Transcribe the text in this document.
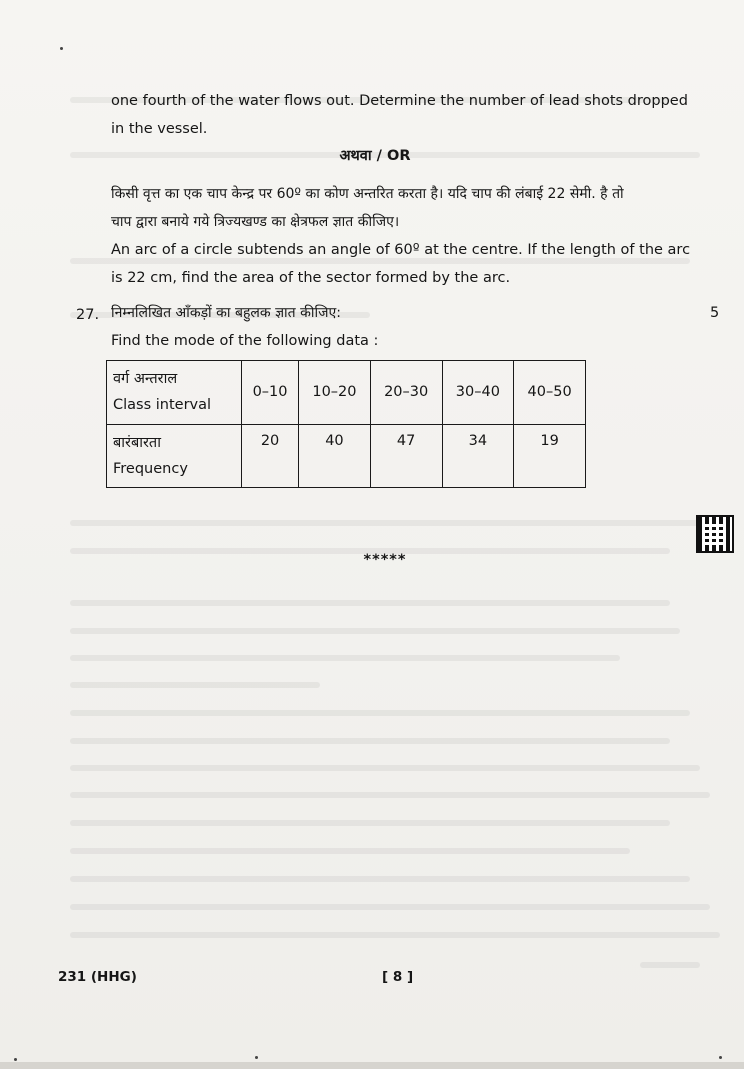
one fourth of the water flows out. Determine the number of lead shots dropped
in the vessel.
अथवा / OR
किसी वृत्त का एक चाप केन्द्र पर 60º का कोण अन्तरित करता है। यदि चाप की लंबाई 22 सेमी. है तो
चाप द्वारा बनाये गये त्रिज्यखण्ड का क्षेत्रफल ज्ञात कीजिए।
An arc of a circle subtends an angle of 60º at the centre. If the length of the arc
is 22 cm, find the area of the sector formed by the arc.
27. निम्नलिखित आँकड़ों का बहुलक ज्ञात कीजिए:	5
Find the mode of the following data :
वर्ग अन्तराल
Class interval	0–10	10–20	20–30	30–40	40–50

बारंबारता
Frequency	20	40	47	34	19
*****
231 (HHG)	[ 8 ]
